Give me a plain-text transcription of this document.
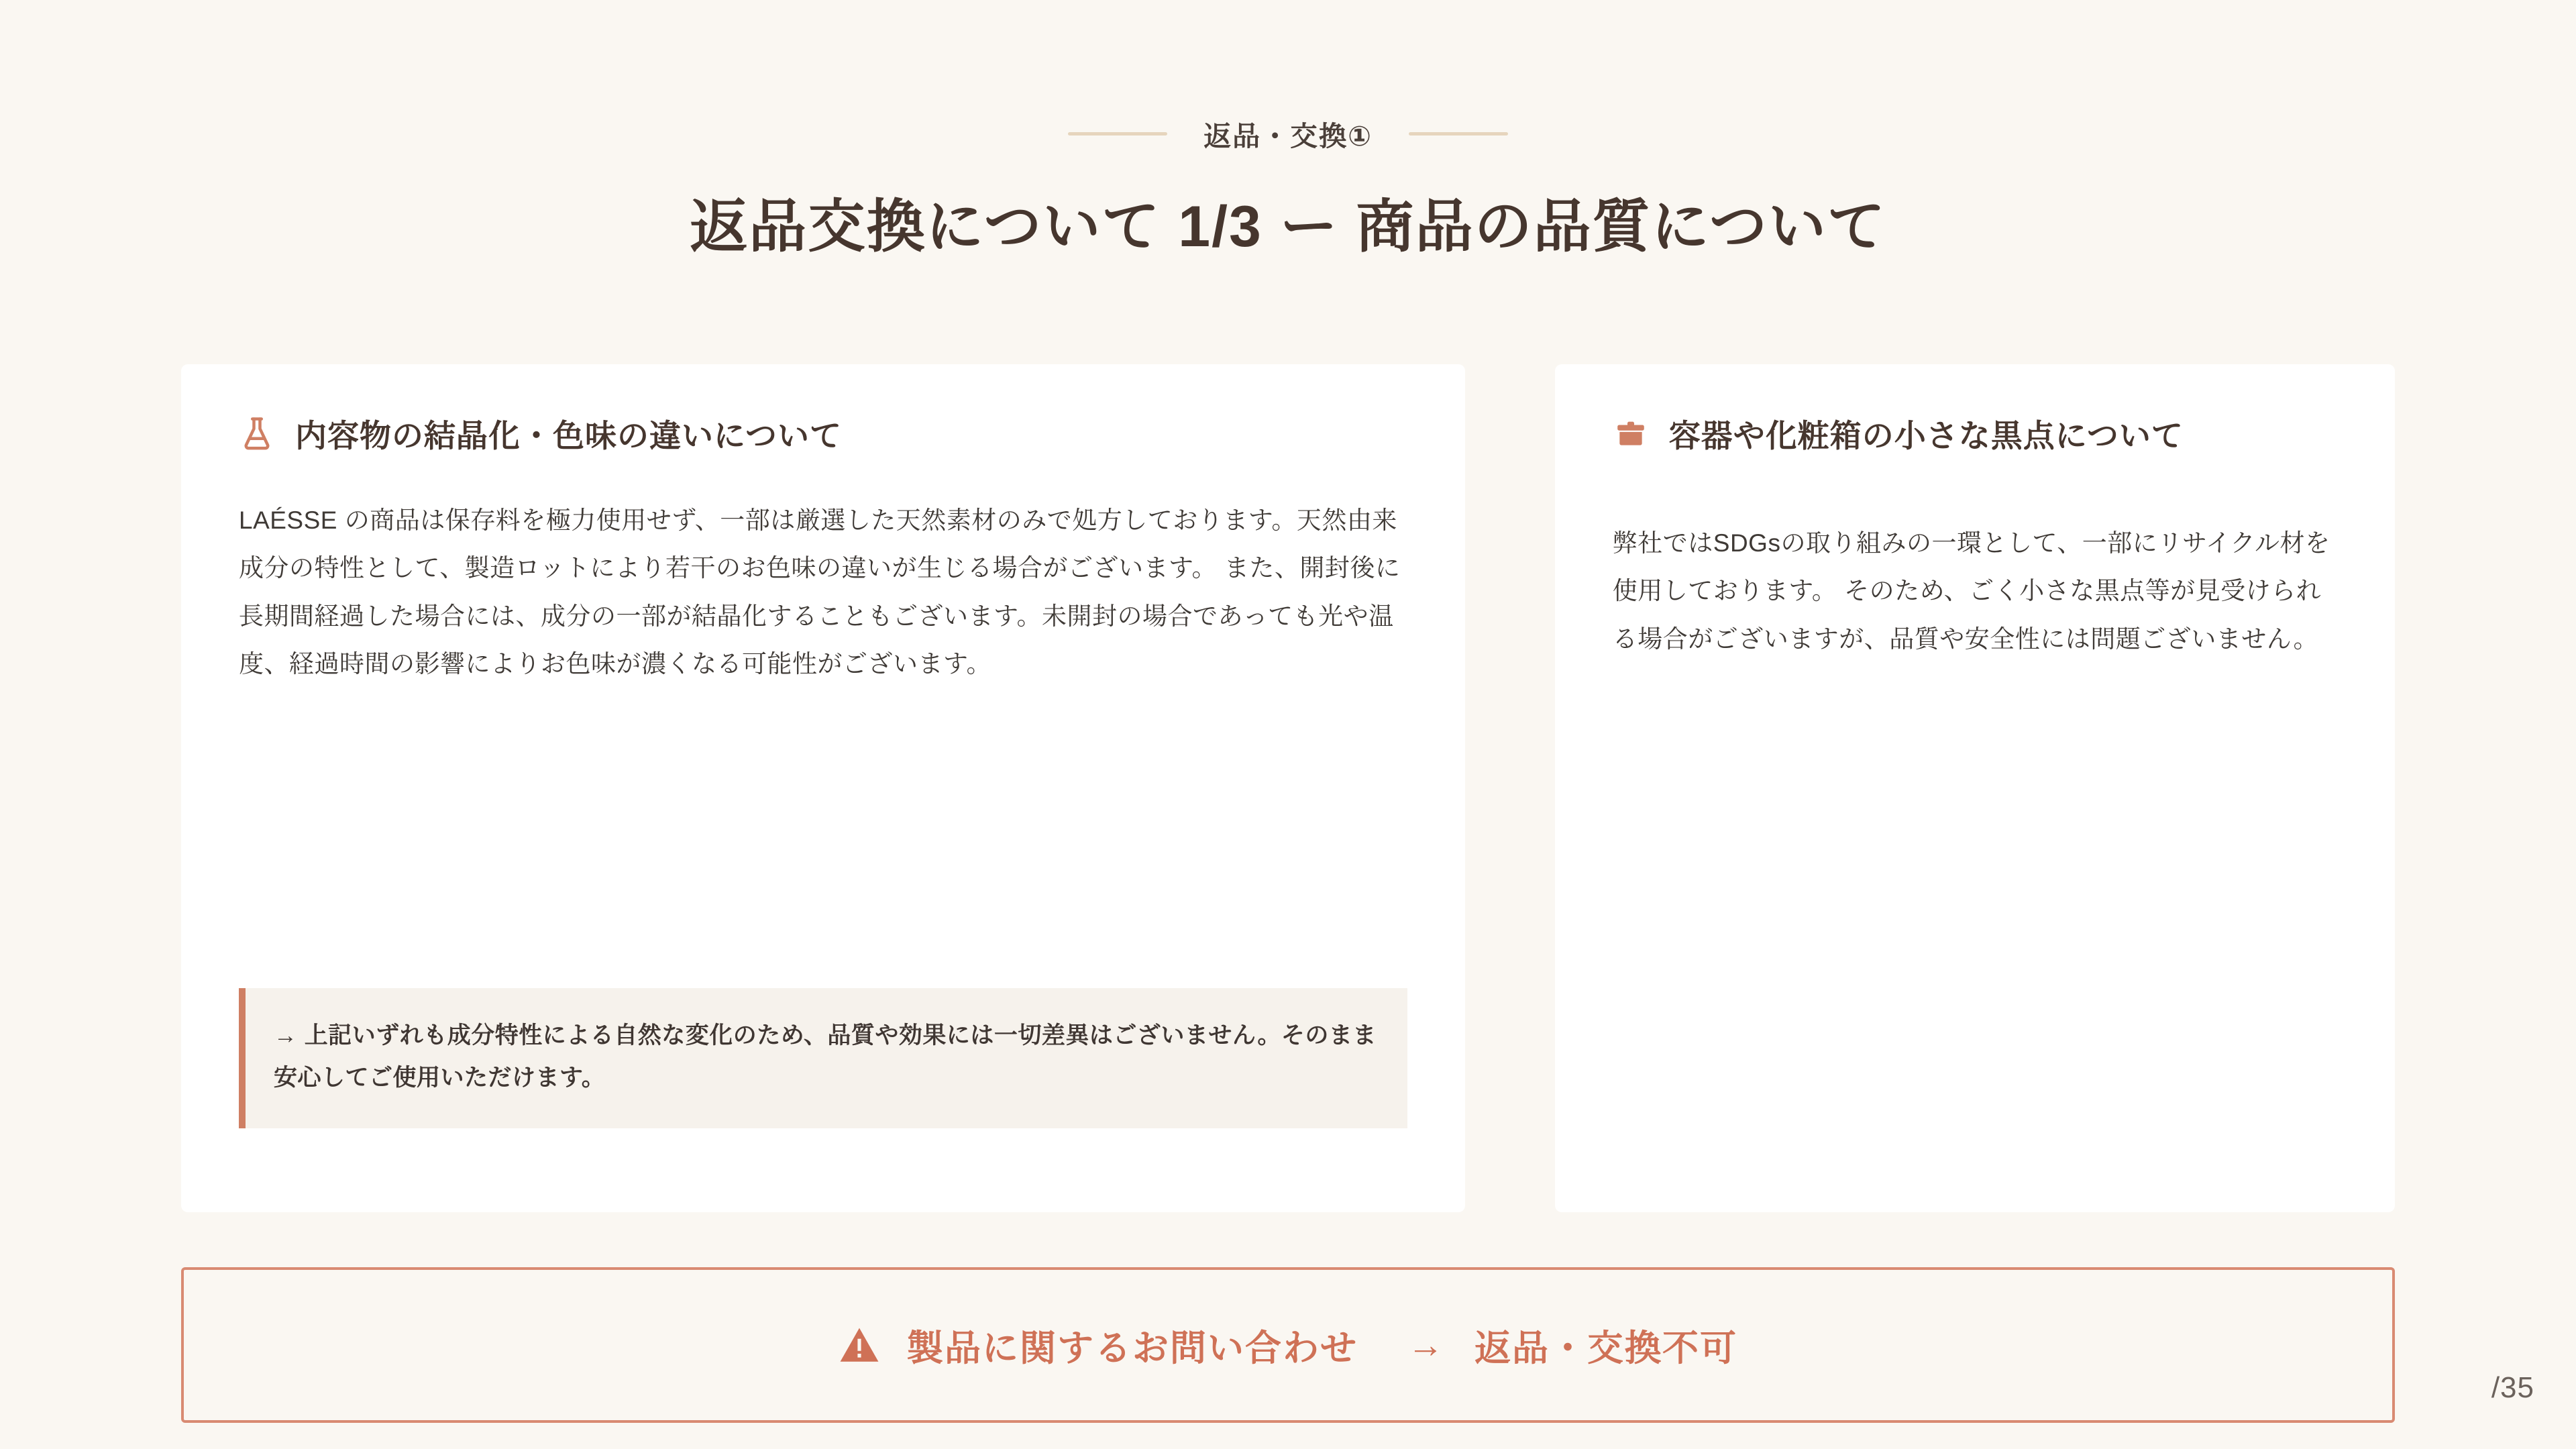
返品・交換①
返品交換について 1/3 ー 商品の品質について
内容物の結晶化・色味の違いについて
LAÉSSE の商品は保存料を極力使用せず、一部は厳選した天然素材のみで処方しております。天然由来成分の特性として、製造ロットにより若干のお色味の違いが生じる場合がございます。 また、開封後に長期間経過した場合には、成分の一部が結晶化することもございます。未開封の場合であっても光や温度、経過時間の影響によりお色味が濃くなる可能性がございます。
→ 上記いずれも成分特性による自然な変化のため、品質や効果には一切差異はございません。そのまま安心してご使用いただけます。
容器や化粧箱の小さな黒点について
弊社ではSDGsの取り組みの一環として、一部にリサイクル材を使用しております。 そのため、ごく小さな黒点等が見受けられる場合がございますが、品質や安全性には問題ございません。
製品に関するお問い合わせ → 返品・交換不可
/35
